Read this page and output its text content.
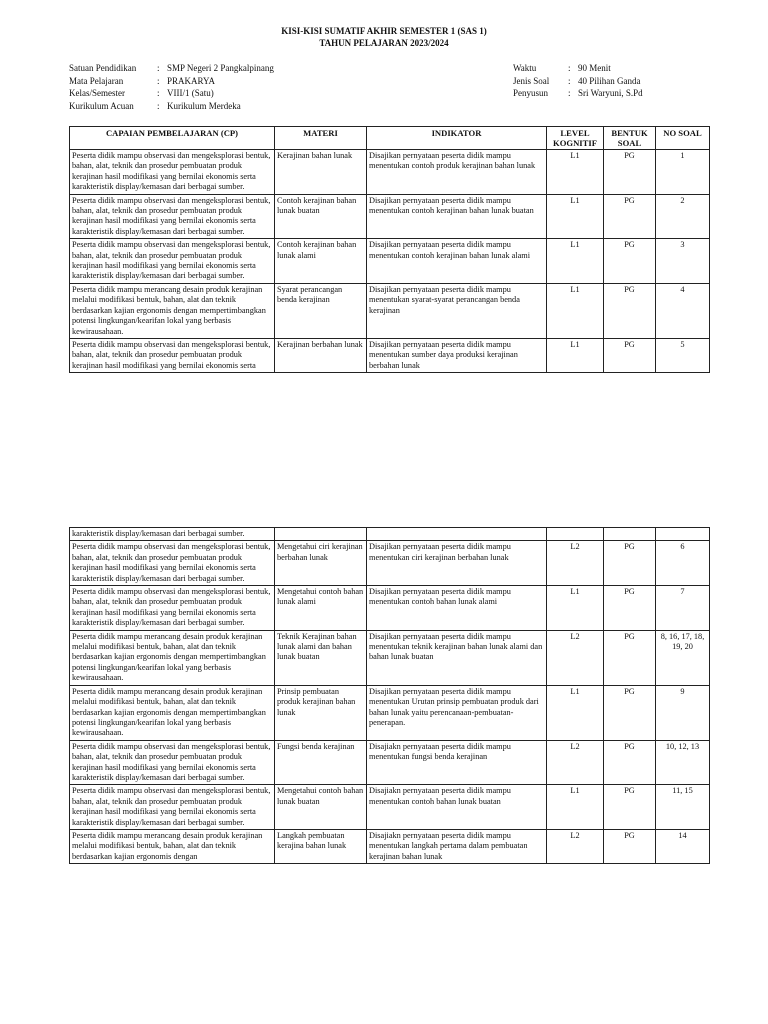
KISI-KISI SUMATIF AKHIR SEMESTER 1 (SAS 1)
TAHUN PELAJARAN 2023/2024
Satuan Pendidikan	: SMP Negeri 2 Pangkalpinang
Mata Pelajaran	: PRAKARYA
Kelas/Semester	: VIII/1 (Satu)
Kurikulum Acuan	: Kurikulum Merdeka
Waktu	: 90 Menit
Jenis Soal	: 40 Pilihan Ganda
Penyusun	: Sri Waryuni, S.Pd
CAPAIAN PEMBELAJARAN (CP)	MATERI	INDIKATOR	LEVEL KOGNITIF	BENTUK SOAL	NO SOAL
Peserta didik mampu observasi dan mengeksplorasi bentuk, bahan, alat, teknik dan prosedur pembuatan produk kerajinan hasil modifikasi yang bernilai ekonomis serta karakteristik display/kemasan dari berbagai sumber.	Kerajinan bahan lunak	Disajikan pernyataan peserta didik mampu menentukan contoh produk kerajinan bahan lunak	L1	PG	1
Peserta didik mampu observasi dan mengeksplorasi bentuk, bahan, alat, teknik dan prosedur pembuatan produk kerajinan hasil modifikasi yang bernilai ekonomis serta karakteristik display/kemasan dari berbagai sumber.	Contoh kerajinan bahan lunak buatan	Disajikan pernyataan peserta didik mampu menentukan contoh kerajinan bahan lunak buatan	L1	PG	2
Peserta didik mampu observasi dan mengeksplorasi bentuk, bahan, alat, teknik dan prosedur pembuatan produk kerajinan hasil modifikasi yang bernilai ekonomis serta karakteristik display/kemasan dari berbagai sumber.	Contoh kerajinan bahan lunak alami	Disajikan pernyataan peserta didik mampu menentukan contoh kerajinan bahan lunak alami	L1	PG	3
Peserta didik mampu merancang desain produk kerajinan melalui modifikasi bentuk, bahan, alat dan teknik berdasarkan kajian ergonomis dengan mempertimbangkan potensi lingkungan/kearifan lokal yang berbasis kewirausahaan.	Syarat perancangan benda kerajinan	Disajikan pernyataan peserta didik mampu menentukan syarat-syarat perancangan benda kerajinan	L1	PG	4
Peserta didik mampu observasi dan mengeksplorasi bentuk, bahan, alat, teknik dan prosedur pembuatan produk kerajinan hasil modifikasi yang bernilai ekonomis serta	Kerajinan berbahan lunak	Disajikan pernyataan peserta didik mampu menentukan sumber daya produksi kerajinan berbahan lunak	L1	PG	5
karakteristik display/kemasan dari berbagai sumber.					
Peserta didik mampu observasi dan mengeksplorasi bentuk, bahan, alat, teknik dan prosedur pembuatan produk kerajinan hasil modifikasi yang bernilai ekonomis serta karakteristik display/kemasan dari berbagai sumber.	Mengetahui ciri kerajinan berbahan lunak	Disajikan pernyataan peserta didik mampu menentukan ciri kerajinan berbahan lunak	L2	PG	6
Peserta didik mampu observasi dan mengeksplorasi bentuk, bahan, alat, teknik dan prosedur pembuatan produk kerajinan hasil modifikasi yang bernilai ekonomis serta karakteristik display/kemasan dari berbagai sumber.	Mengetahui contoh bahan lunak alami	Disajikan pernyataan peserta didik mampu menentukan contoh bahan lunak alami	L1	PG	7
Peserta didik mampu merancang desain produk kerajinan melalui modifikasi bentuk, bahan, alat dan teknik berdasarkan kajian ergonomis dengan mempertimbangkan potensi lingkungan/kearifan lokal yang berbasis kewirausahaan.	Teknik Kerajinan bahan lunak alami dan bahan lunak buatan	Disajikan pernyataan peserta didik mampu menentukan teknik kerajinan bahan lunak alami dan bahan lunak buatan	L2	PG	8, 16, 17, 18, 19, 20
Peserta didik mampu merancang desain produk kerajinan melalui modifikasi bentuk, bahan, alat dan teknik berdasarkan kajian ergonomis dengan mempertimbangkan potensi lingkungan/kearifan lokal yang berbasis kewirausahaan.	Prinsip pembuatan produk kerajinan bahan lunak	Disajikan pernyataan peserta didik mampu menentukan Urutan prinsip pembuatan produk dari bahan lunak yaitu perencanaan-pembuatan-penerapan.	L1	PG	9
Peserta didik mampu observasi dan mengeksplorasi bentuk, bahan, alat, teknik dan prosedur pembuatan produk kerajinan hasil modifikasi yang bernilai ekonomis serta karakteristik display/kemasan dari berbagai sumber.	Fungsi benda kerajinan	Disajiakn pernyataan peserta didik mampu menentukan fungsi benda kerajinan	L2	PG	10, 12, 13
Peserta didik mampu observasi dan mengeksplorasi bentuk, bahan, alat, teknik dan prosedur pembuatan produk kerajinan hasil modifikasi yang bernilai ekonomis serta karakteristik display/kemasan dari berbagai sumber.	Mengetahui contoh bahan lunak buatan	Disajiakn pernyataan peserta didik mampu menentukan contoh bahan lunak buatan	L1	PG	11, 15
Peserta didik mampu merancang desain produk kerajinan melalui modifikasi bentuk, bahan, alat dan teknik berdasarkan kajian ergonomis dengan	Langkah pembuatan kerajina bahan lunak	Disajiakn pernyataan peserta didik mampu menentukan langkah pertama dalam pembuatan kerajinan bahan lunak	L2	PG	14
